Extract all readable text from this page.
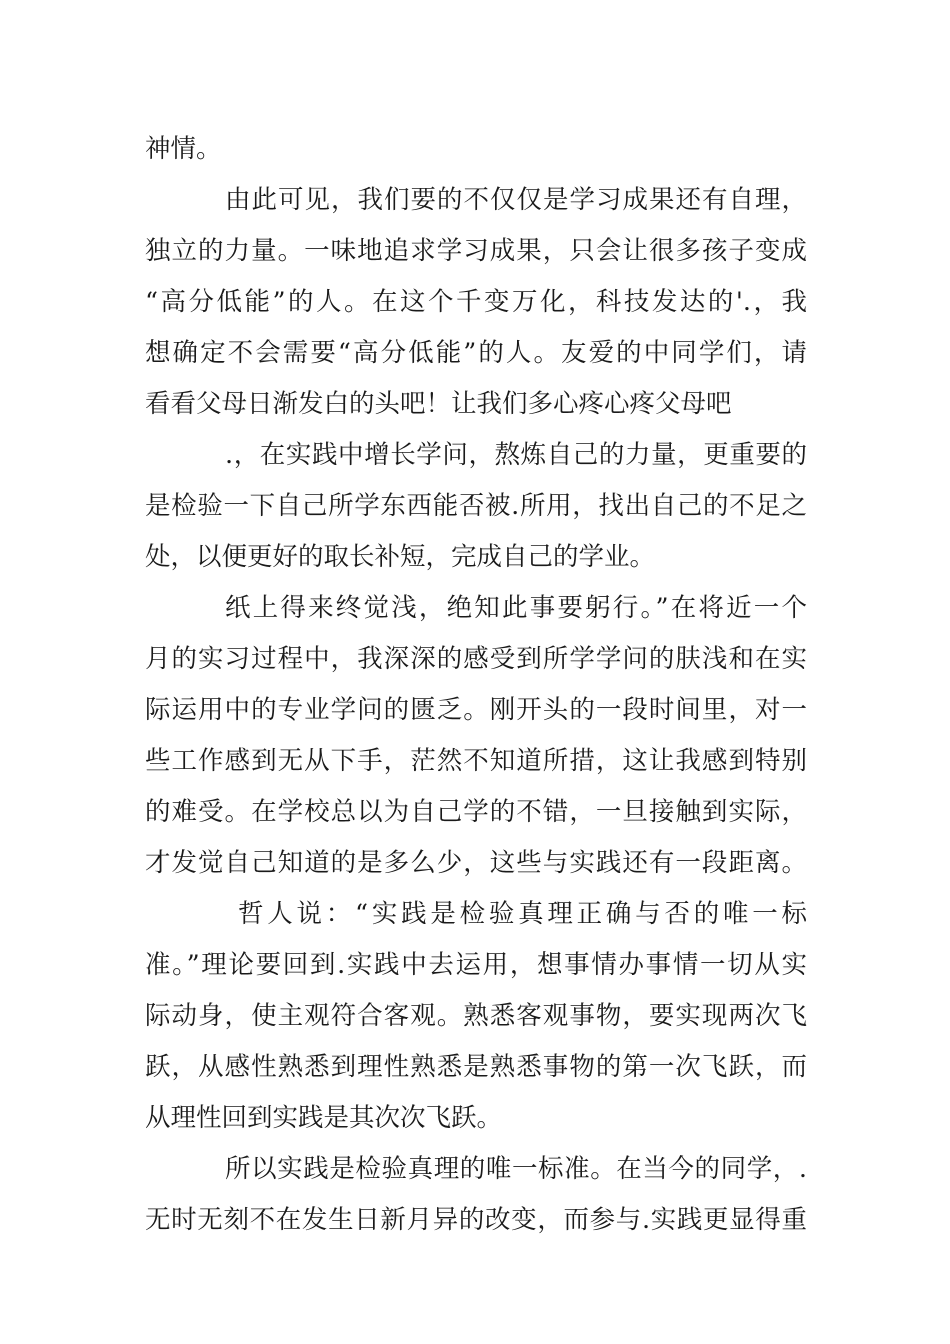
神情。
由此可见，我们要的不仅仅是学习成果还有自理，
独立的力量。一味地追求学习成果，只会让很多孩子变成
“高分低能”的人。在这个千变万化，科技发达的'.，我
想确定不会需要“高分低能”的人。友爱的中同学们，请
看看父母日渐发白的头吧！让我们多心疼心疼父母吧
.，在实践中增长学问，熬炼自己的力量，更重要的
是检验一下自己所学东西能否被.所用，找出自己的不足之
处，以便更好的取长补短，完成自己的学业。
纸上得来终觉浅，绝知此事要躬行。”在将近一个
月的实习过程中，我深深的感受到所学学问的肤浅和在实
际运用中的专业学问的匮乏。刚开头的一段时间里，对一
些工作感到无从下手，茫然不知道所措，这让我感到特别
的难受。在学校总以为自己学的不错，一旦接触到实际，
才发觉自己知道的是多么少，这些与实践还有一段距离。
哲人说：“实践是检验真理正确与否的唯一标
准。”理论要回到.实践中去运用，想事情办事情一切从实
际动身，使主观符合客观。熟悉客观事物，要实现两次飞
跃，从感性熟悉到理性熟悉是熟悉事物的第一次飞跃，而
从理性回到实践是其次次飞跃。
所以实践是检验真理的唯一标准。在当今的同学，.
无时无刻不在发生日新月异的改变，而参与.实践更显得重
